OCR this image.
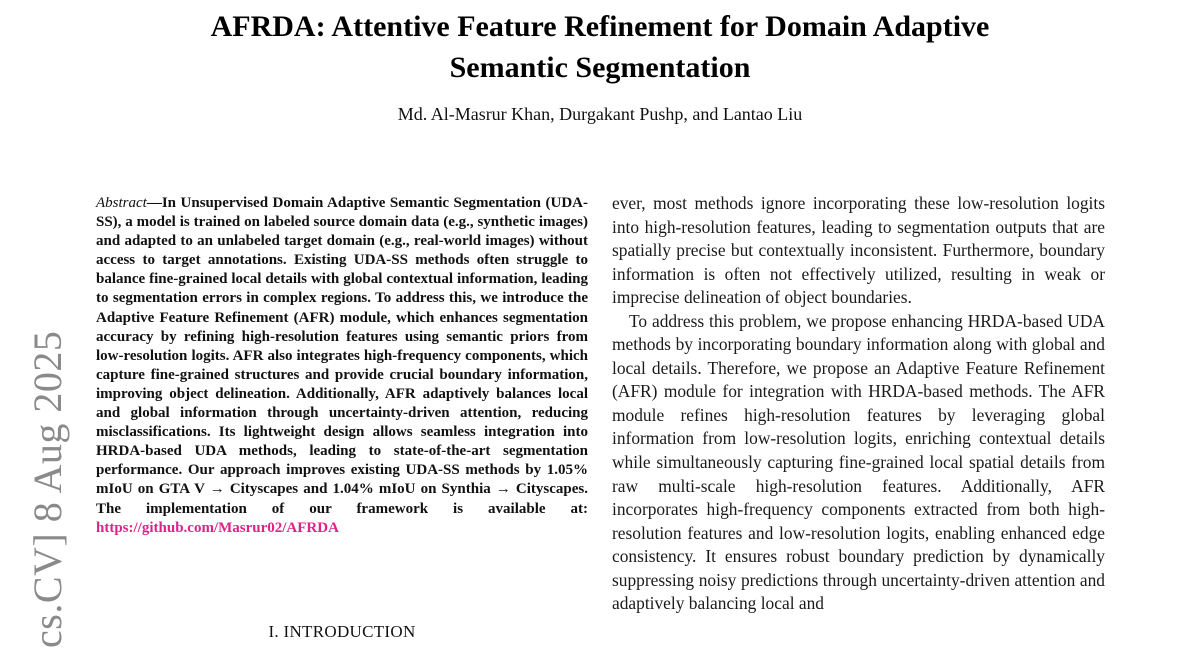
AFRDA: Attentive Feature Refinement for Domain Adaptive
Semantic Segmentation
Md. Al-Masrur Khan, Durgakant Pushp, and Lantao Liu
cs.CV] 8 Aug 2025
Abstract—In Unsupervised Domain Adaptive Semantic Segmentation (UDA-SS), a model is trained on labeled source domain data (e.g., synthetic images) and adapted to an unlabeled target domain (e.g., real-world images) without access to target annotations. Existing UDA-SS methods often struggle to balance fine-grained local details with global contextual information, leading to segmentation errors in complex regions. To address this, we introduce the Adaptive Feature Refinement (AFR) module, which enhances segmentation accuracy by refining high-resolution features using semantic priors from low-resolution logits. AFR also integrates high-frequency components, which capture fine-grained structures and provide crucial boundary information, improving object delineation. Additionally, AFR adaptively balances local and global information through uncertainty-driven attention, reducing misclassifications. Its lightweight design allows seamless integration into HRDA-based UDA methods, leading to state-of-the-art segmentation performance. Our approach improves existing UDA-SS methods by 1.05% mIoU on GTA V → Cityscapes and 1.04% mIoU on Synthia → Cityscapes. The implementation of our framework is available at: https://github.com/Masrur02/AFRDA
I. INTRODUCTION

ever, most methods ignore incorporating these low-resolution logits into high-resolution features, leading to segmentation outputs that are spatially precise but contextually inconsistent. Furthermore, boundary information is often not effectively utilized, resulting in weak or imprecise delineation of object boundaries.

To address this problem, we propose enhancing HRDA-based UDA methods by incorporating boundary information along with global and local details. Therefore, we propose an Adaptive Feature Refinement (AFR) module for integration with HRDA-based methods. The AFR module refines high-resolution features by leveraging global information from low-resolution logits, enriching contextual details while simultaneously capturing fine-grained local spatial details from raw multi-scale high-resolution features. Additionally, AFR incorporates high-frequency components extracted from both high-resolution features and low-resolution logits, enabling enhanced edge consistency. It ensures robust boundary prediction by dynamically suppressing noisy predictions through uncertainty-driven attention and adaptively balancing local and
